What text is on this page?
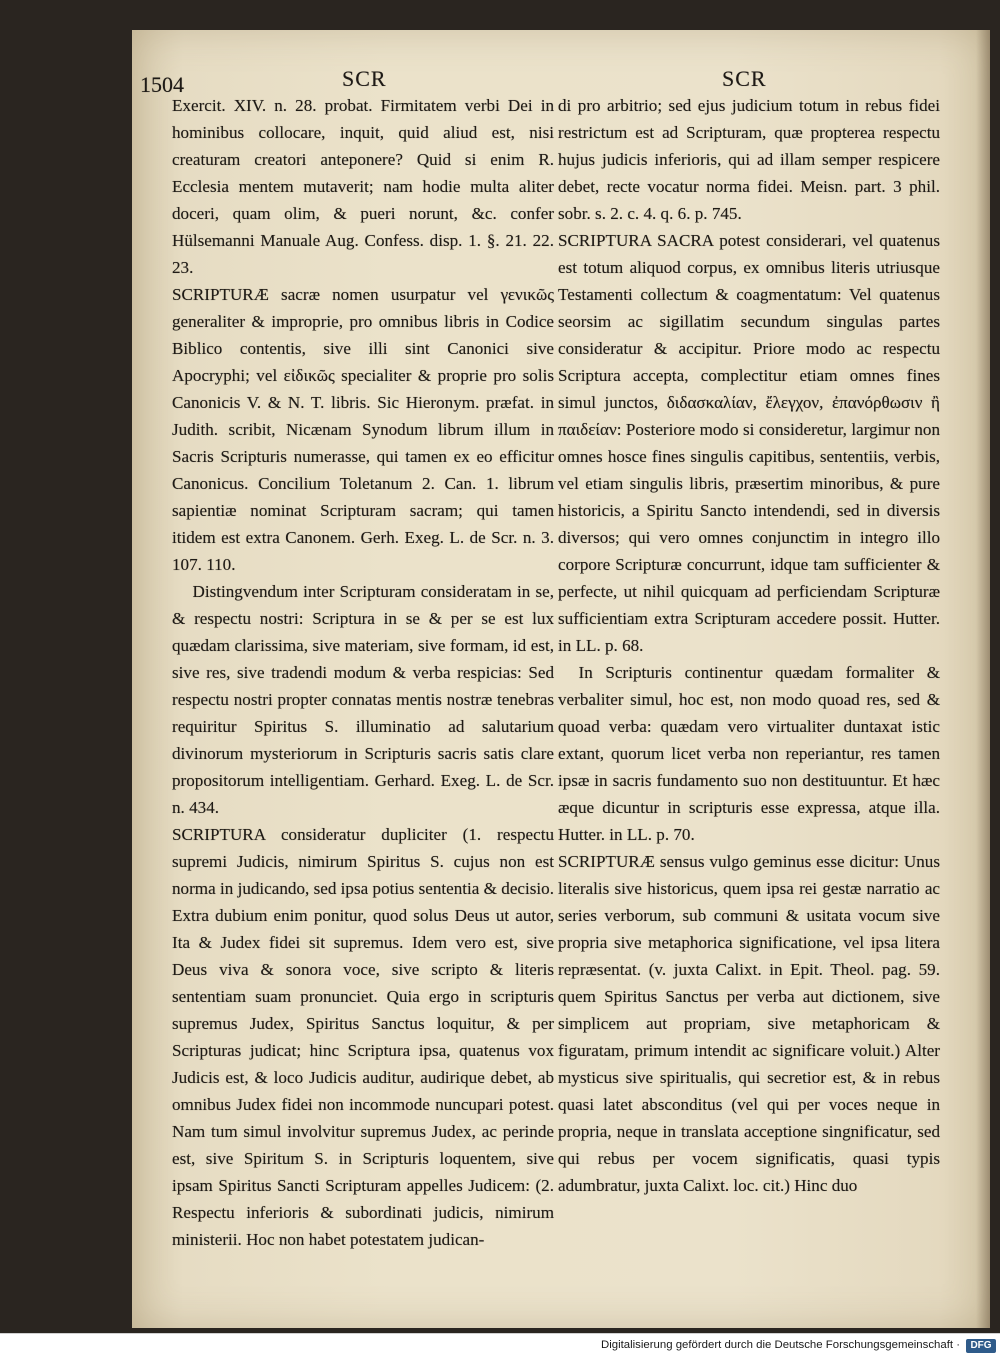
1504	SCR	SCR

Exercit. XIV. n. 28. probat. Firmitatem verbi Dei in hominibus collocare, inquit, quid aliud est, nisi creaturam creatori anteponere? Quid si enim R. Ecclesia mentem mutaverit; nam hodie multa aliter doceri, quam olim, & pueri norunt, &c. confer Hülsemanni Manuale Aug. Confess. disp. 1. §. 21. 22. 23.

SCRIPTURÆ sacræ nomen usurpatur vel γενικῶς generaliter & improprie, pro omnibus libris in Codice Biblico contentis, sive illi sint Canonici sive Apocryphi; vel εἰδικῶς specialiter & proprie pro solis Canonicis V. & N. T. libris. Sic Hieronym. præfat. in Judith. scribit, Nicænam Synodum librum illum in Sacris Scripturis numerasse, qui tamen ex eo efficitur Canonicus. Concilium Toletanum 2. Can. 1. librum sapientiæ nominat Scripturam sacram; qui tamen itidem est extra Canonem. Gerh. Exeg. L. de Scr. n. 3. 107. 110.

Distingvendum inter Scripturam consideratam in se, & respectu nostri: Scriptura in se & per se est lux quædam clarissima, sive materiam, sive formam, id est, sive res, sive tradendi modum & verba respicias: Sed respectu nostri propter connatas mentis nostræ tenebras requiritur Spiritus S. illuminatio ad salutarium divinorum mysteriorum in Scripturis sacris satis clare propositorum intelligentiam. Gerhard. Exeg. L. de Scr. n. 434.

SCRIPTURA consideratur dupliciter (1. respectu supremi Judicis, nimirum Spiritus S. cujus non est norma in judicando, sed ipsa potius sententia & decisio. Extra dubium enim ponitur, quod solus Deus ut autor, Ita & Judex fidei sit supremus. Idem vero est, sive Deus viva & sonora voce, sive scripto & literis sententiam suam pronunciet. Quia ergo in scripturis supremus Judex, Spiritus Sanctus loquitur, & per Scripturas judicat; hinc Scriptura ipsa, quatenus vox Judicis est, & loco Judicis auditur, audirique debet, ab omnibus Judex fidei non incommode nuncupari potest. Nam tum simul involvitur supremus Judex, ac perinde est, sive Spiritum S. in Scripturis loquentem, sive ipsam Spiritus Sancti Scripturam appelles Judicem: (2. Respectu inferioris & subordinati judicis, nimirum ministerii. Hoc non habet potestatem judican-

di pro arbitrio; sed ejus judicium totum in rebus fidei restrictum est ad Scripturam, quæ propterea respectu hujus judicis inferioris, qui ad illam semper respicere debet, recte vocatur norma fidei. Meisn. part. 3 phil. sobr. s. 2. c. 4. q. 6. p. 745.

SCRIPTURA SACRA potest considerari, vel quatenus est totum aliquod corpus, ex omnibus literis utriusque Testamenti collectum & coagmentatum: Vel quatenus seorsim ac sigillatim secundum singulas partes consideratur & accipitur. Priore modo ac respectu Scriptura accepta, complectitur etiam omnes fines simul junctos, διδασκαλίαν, ἔλεγχον, ἐπανόρθωσιν ἢ παιδείαν: Posteriore modo si consideretur, largimur non omnes hosce fines singulis capitibus, sententiis, verbis, vel etiam singulis libris, præsertim minoribus, & pure historicis, a Spiritu Sancto intendendi, sed in diversis diversos; qui vero omnes conjunctim in integro illo corpore Scripturæ concurrunt, idque tam sufficienter & perfecte, ut nihil quicquam ad perficiendam Scripturæ sufficientiam extra Scripturam accedere possit. Hutter. in LL. p. 68.

In Scripturis continentur quædam formaliter & verbaliter simul, hoc est, non modo quoad res, sed & quoad verba: quædam vero virtualiter duntaxat istic extant, quorum licet verba non reperiantur, res tamen ipsæ in sacris fundamento suo non destituuntur. Et hæc æque dicuntur in scripturis esse expressa, atque illa. Hutter. in LL. p. 70.

SCRIPTURÆ sensus vulgo geminus esse dicitur: Unus literalis sive historicus, quem ipsa rei gestæ narratio ac series verborum, sub communi & usitata vocum sive propria sive metaphorica significatione, vel ipsa litera repræsentat. (v. juxta Calixt. in Epit. Theol. pag. 59. quem Spiritus Sanctus per verba aut dictionem, sive simplicem aut propriam, sive metaphoricam & figuratam, primum intendit ac significare voluit.) Alter mysticus sive spiritualis, qui secretior est, & in rebus quasi latet absconditus (vel qui per voces neque in propria, neque in translata acceptione singnificatur, sed qui rebus per vocem significatis, quasi typis adumbratur, juxta Calixt. loc. cit.) Hinc duo

Digitalisierung gefördert durch die Deutsche Forschungsgemeinschaft ·	DFG
